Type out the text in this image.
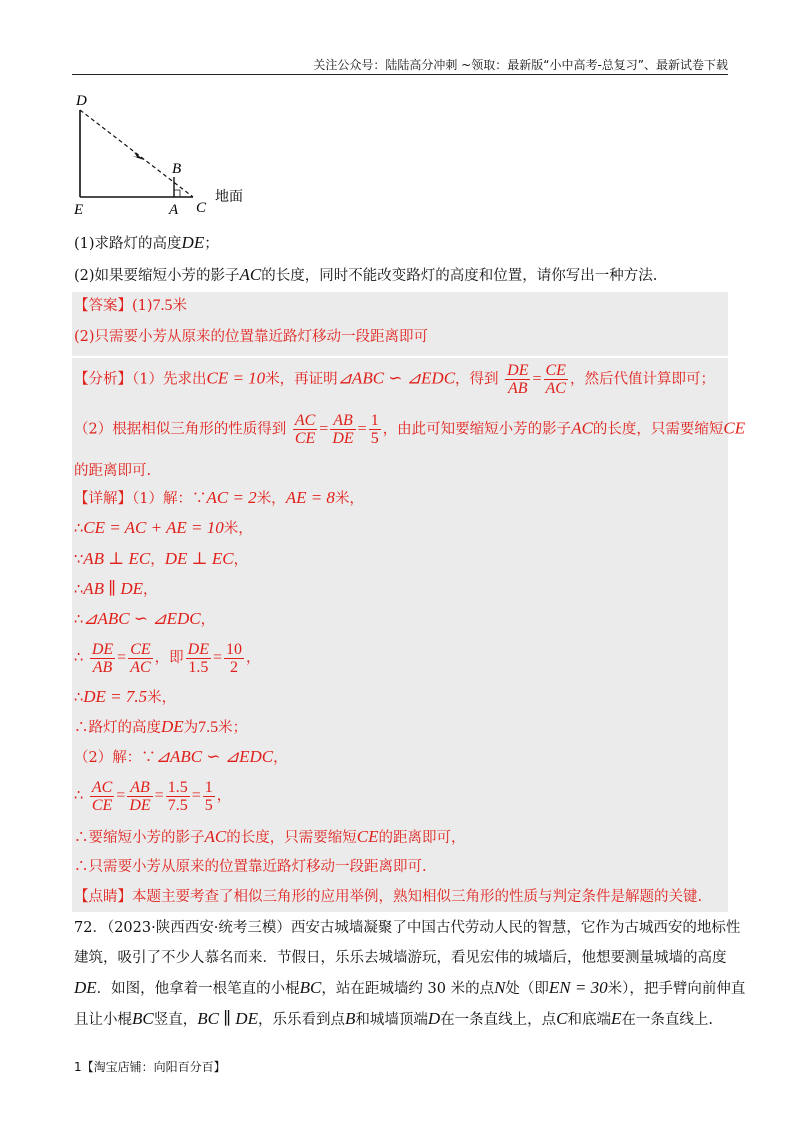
关注公众号：陆陆高分冲刺 ~领取：最新版“小中高考-总复习”、最新试卷下载
D
B
E	A C
地面
(1)求路灯的高度DE；
(2)如果要缩短小芳的影子AC的长度，同时不能改变路灯的高度和位置，请你写出一种方法.
【答案】(1)7.5米
(2)只需要小芳从原来的位置靠近路灯移动一段距离即可
【分析】（1）先求出CE = 10米，再证明⊿ABC ∽ ⊿EDC，得到 $\frac{DE}{AB} = \frac{CE}{AC}$ ，然后代值计算即可；
（2）根据相似三角形的性质得到 $\frac{AC}{CE} = \frac{AB}{DE} = \frac{1}{5}$ ，由此可知要缩短小芳的影子AC的长度，只需要缩短CE
的距离即可.
【详解】（1）解：∵AC = 2米，AE = 8米，
∴CE = AC + AE = 10米，
∵AB ⊥ EC，DE ⊥ EC，
∴AB ∥ DE，
∴⊿ABC ∽ ⊿EDC，
∴ $\frac{DE}{AB} = \frac{CE}{AC}$ ，即 $\frac{DE}{1.5} = \frac{10}{2}$ ，
∴DE = 7.5米，
∴路灯的高度DE为7.5米；
（2）解：∵⊿ABC ∽ ⊿EDC，
∴ $\frac{AC}{CE} = \frac{AB}{DE} = \frac{1.5}{7.5} = \frac{1}{5}$ ，
∴要缩短小芳的影子AC的长度，只需要缩短CE的距离即可，
∴只需要小芳从原来的位置靠近路灯移动一段距离即可.
【点睛】本题主要考查了相似三角形的应用举例，熟知相似三角形的性质与判定条件是解题的关键.
72．（2023·陕西西安·统考三模）西安古城墙凝聚了中国古代劳动人民的智慧，它作为古城西安的地标性
建筑，吸引了不少人慕名而来．节假日，乐乐去城墙游玩，看见宏伟的城墙后，他想要测量城墙的高度
DE．如图，他拿着一根笔直的小棍BC，站在距城墙约 30 米的点N处（即EN = 30米），把手臂向前伸直
且让小棍BC竖直，BC ∥ DE，乐乐看到点B和城墙顶端D在一条直线上，点C和底端E在一条直线上.
1【淘宝店铺：向阳百分百】
